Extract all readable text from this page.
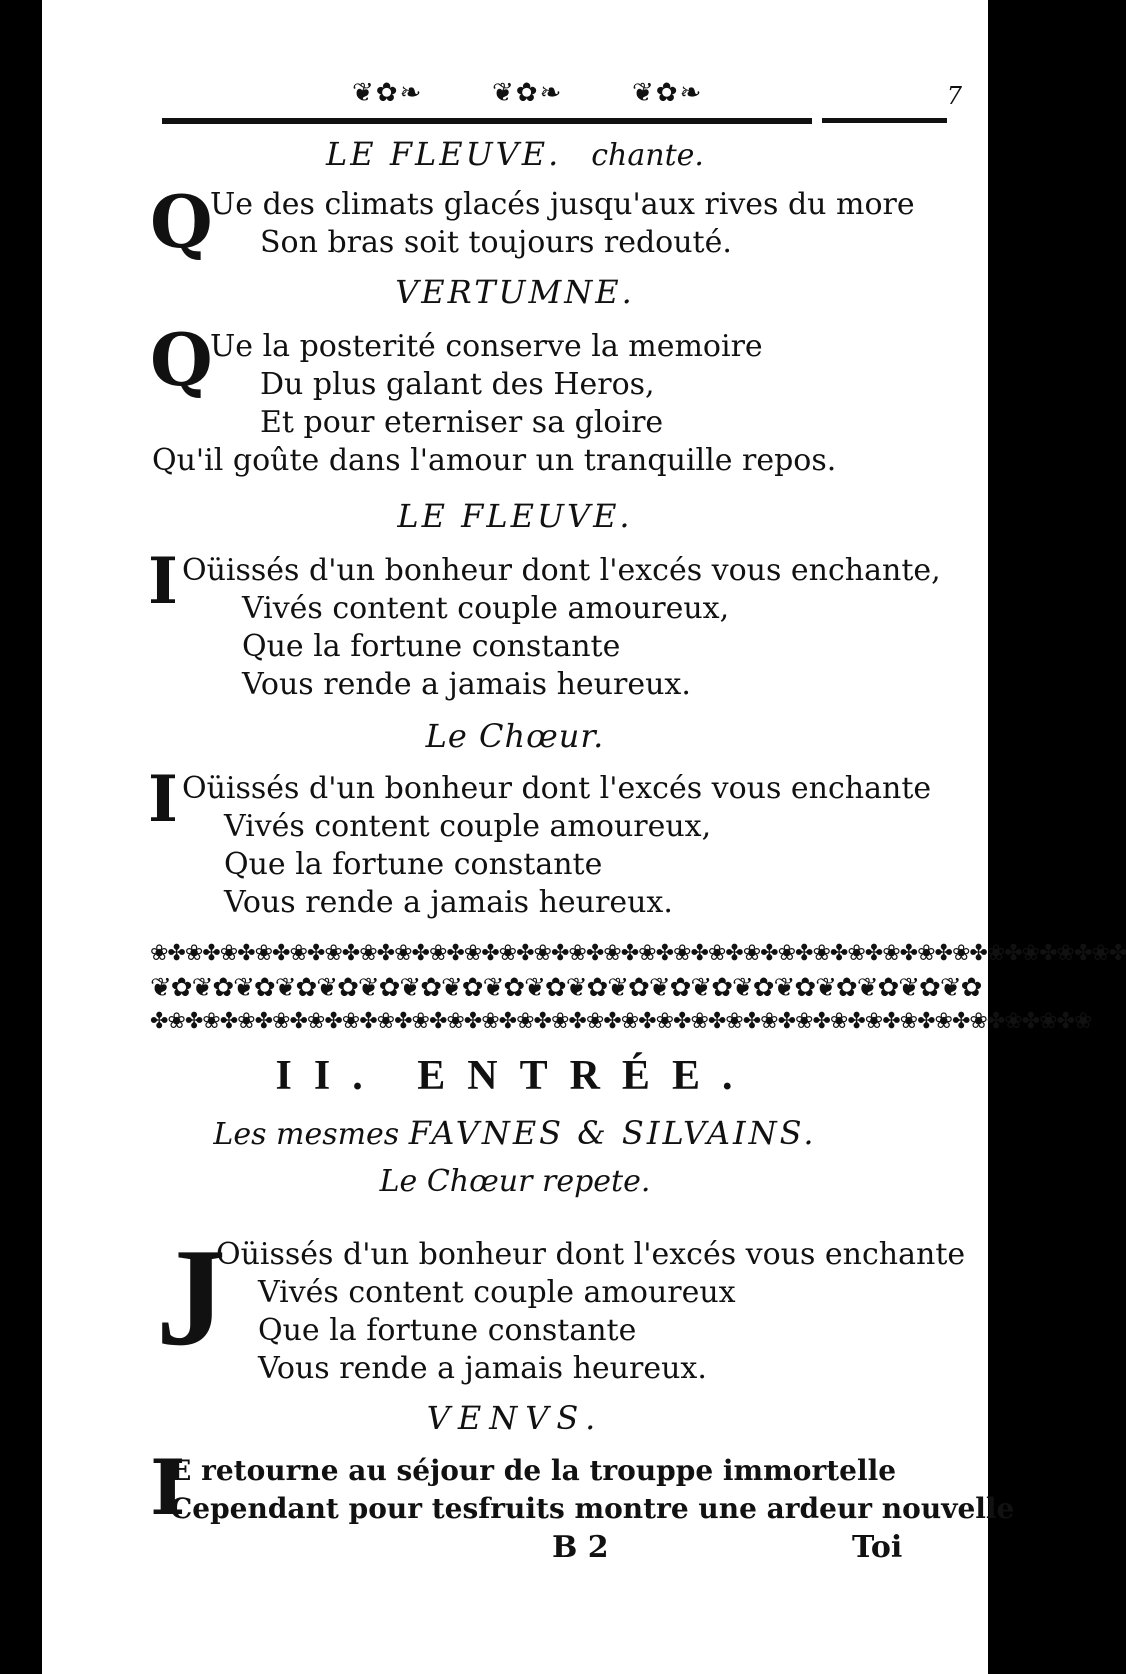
❦✿❧	❦✿❧	❦✿❧	7

LE FLEUVE. chante.

Q

Ue des climats glacés jusqu'aux rives du more

Son bras soit toujours redouté.

VERTUMNE.

Q

Ue la posterité conserve la memoire

Du plus galant des Heros,

Et pour eterniser sa gloire

Qu'il goûte dans l'amour un tranquille repos.

LE FLEUVE.

I Oüissés d'un bonheur dont l'excés vous enchante,

Vivés content couple amoureux,

Que la fortune constante

Vous rende a jamais heureux.

Le Chœur.

I Oüissés d'un bonheur dont l'excés vous enchante

Vivés content couple amoureux,

Que la fortune constante

Vous rende a jamais heureux.

❀✤❀✤❀✤❀✤❀✤❀✤❀✤❀✤❀✤❀✤❀✤❀✤❀✤❀✤❀✤❀✤❀✤❀✤❀✤❀✤❀✤❀✤❀✤❀✤❀✤❀✤❀✤❀✤
❦✿❦✿❦✿❦✿❦✿❦✿❦✿❦✿❦✿❦✿❦✿❦✿❦✿❦✿❦✿❦✿❦✿❦✿❦✿❦✿
✤❀✤❀✤❀✤❀✤❀✤❀✤❀✤❀✤❀✤❀✤❀✤❀✤❀✤❀✤❀✤❀✤❀✤❀✤❀✤❀✤❀✤❀✤❀✤❀✤❀✤❀✤❀
II. ENTRÉE.
Les mesmes FAVNES & SILVAINS.
Le Chœur repete.
J

Oüissés d'un bonheur dont l'excés vous enchante

Vivés content couple amoureux

Que la fortune constante

Vous rende a jamais heureux.

VENVS.

I

E retourne au séjour de la trouppe immortelle

Cependant pour tesfruits montre une ardeur nouvelle

B 2	Toi
